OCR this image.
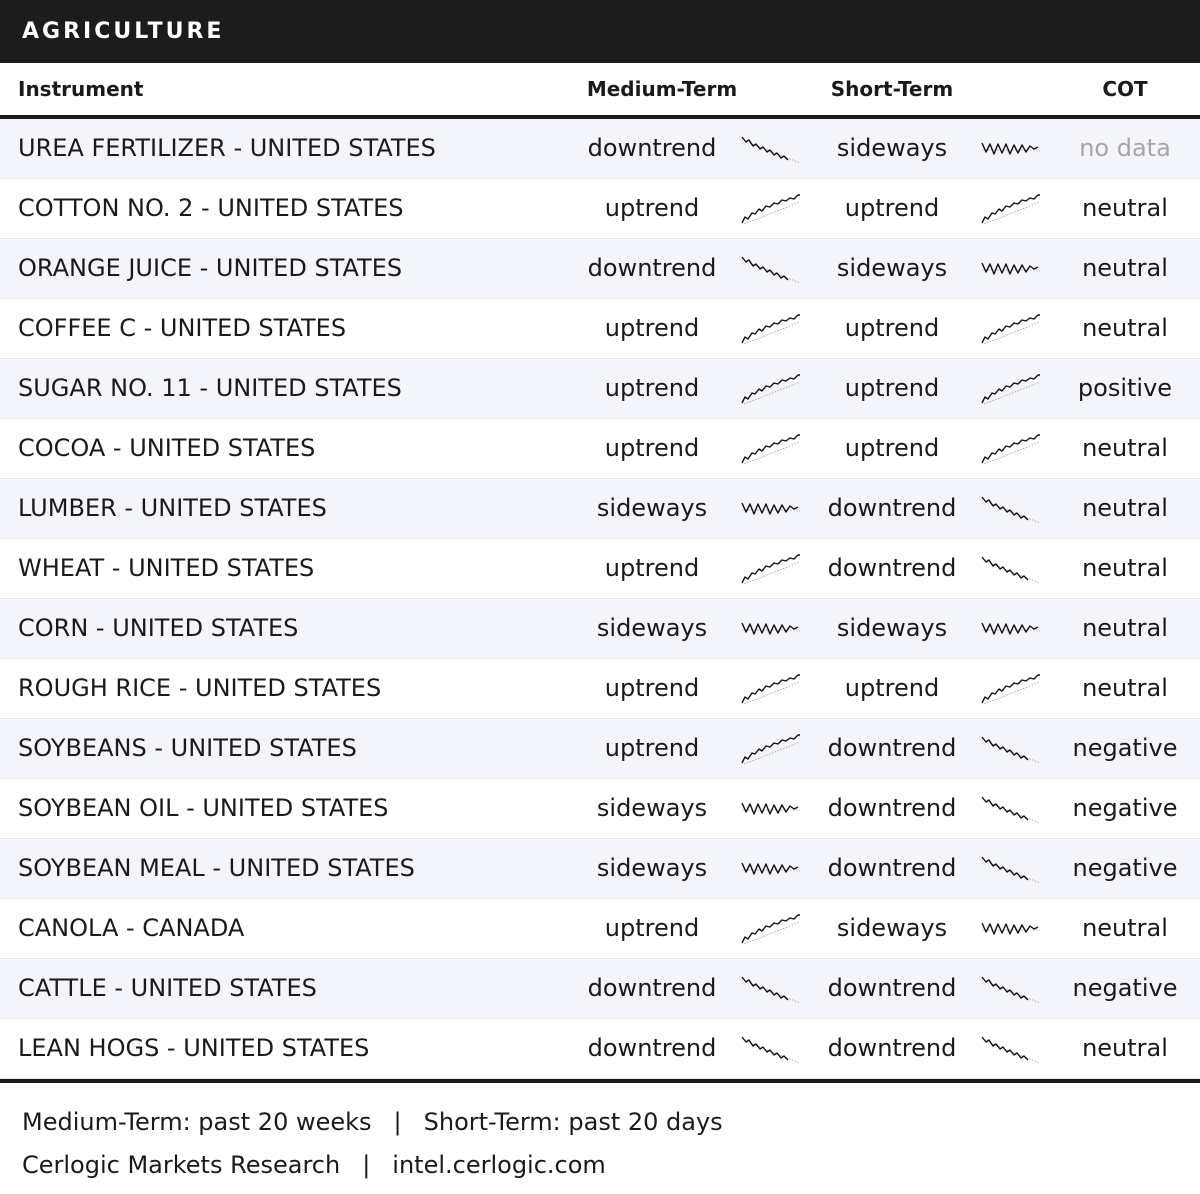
AGRICULTURE
Instrument	Medium-Term	Short-Term	COT
UREA FERTILIZER - UNITED STATES	downtrend	sideways	no data
COTTON NO. 2 - UNITED STATES	uptrend	uptrend	neutral
ORANGE JUICE - UNITED STATES	downtrend	sideways	neutral
COFFEE C - UNITED STATES	uptrend	uptrend	neutral
SUGAR NO. 11 - UNITED STATES	uptrend	uptrend	positive
COCOA - UNITED STATES	uptrend	uptrend	neutral
LUMBER - UNITED STATES	sideways	downtrend	neutral
WHEAT - UNITED STATES	uptrend	downtrend	neutral
CORN - UNITED STATES	sideways	sideways	neutral
ROUGH RICE - UNITED STATES	uptrend	uptrend	neutral
SOYBEANS - UNITED STATES	uptrend	downtrend	negative
SOYBEAN OIL - UNITED STATES	sideways	downtrend	negative
SOYBEAN MEAL - UNITED STATES	sideways	downtrend	negative
CANOLA - CANADA	uptrend	sideways	neutral
CATTLE - UNITED STATES	downtrend	downtrend	negative
LEAN HOGS - UNITED STATES	downtrend	downtrend	neutral
Medium-Term: past 20 weeks | Short-Term: past 20 days
Cerlogic Markets Research | intel.cerlogic.com
